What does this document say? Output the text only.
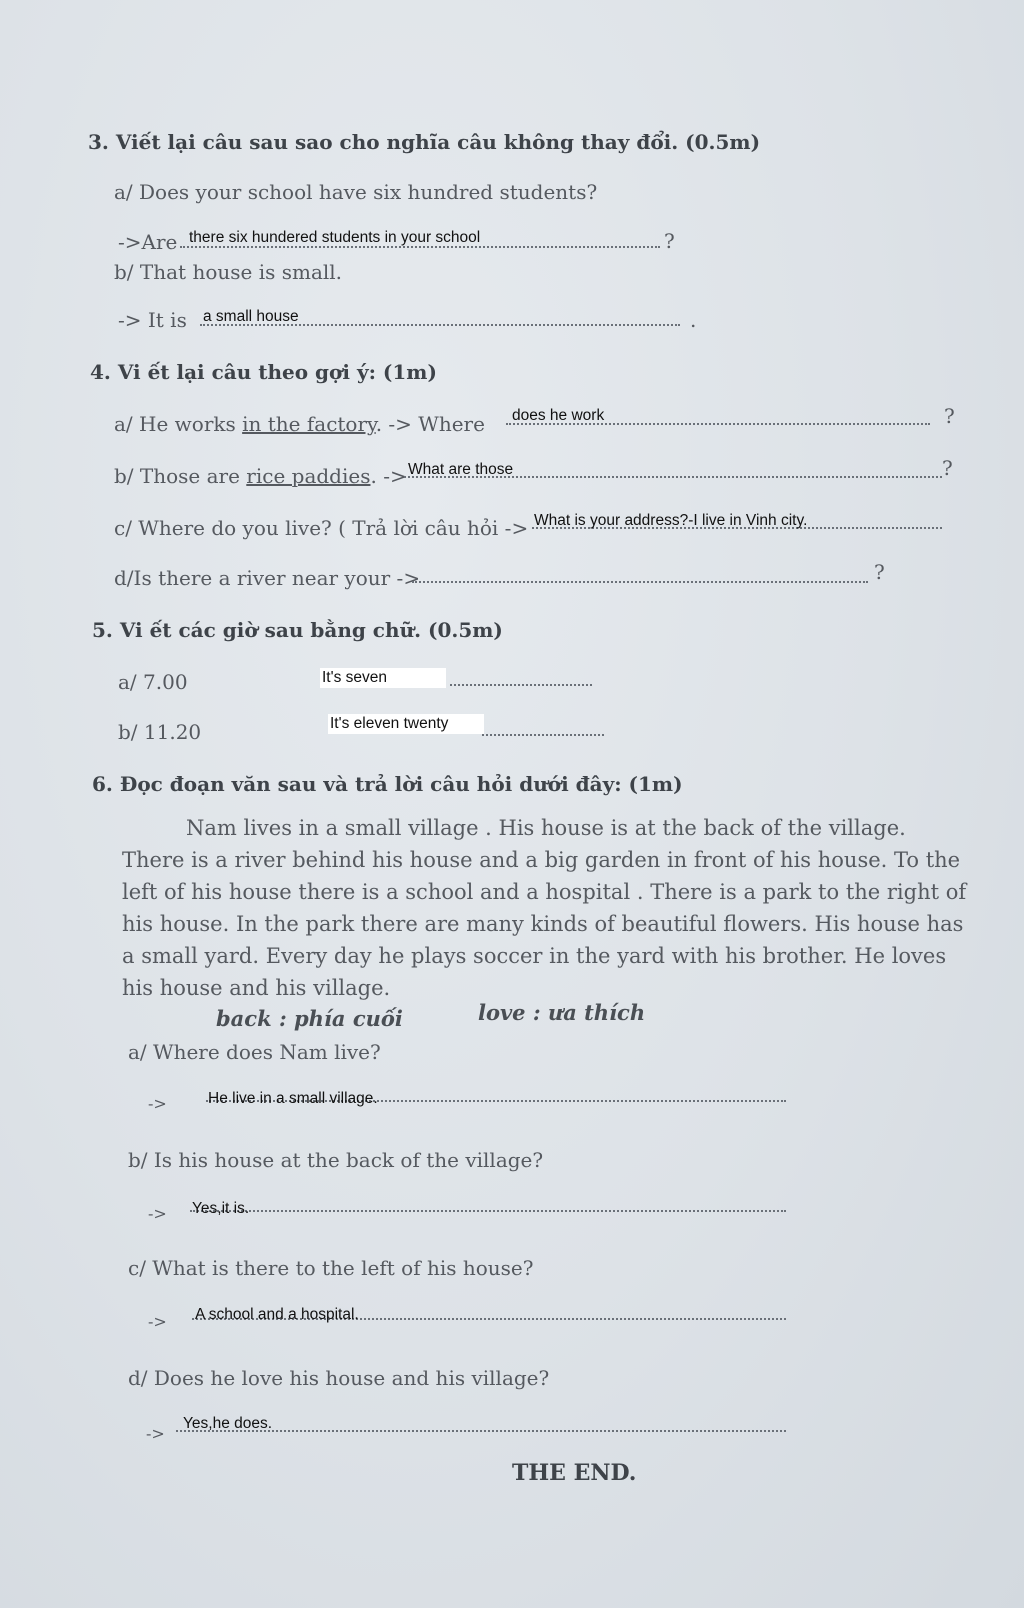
3. Viết lại câu sau sao cho nghĩa câu không thay đổi. (0.5m)
a/ Does your school have six hundred students?
->Are there six hundered students in your school	?
b/ That house is small.
-> It is a small house	.
4. Vi ết lại câu theo gợi ý: (1m)
a/ He works in the factory. -> Where does he work	?
b/ Those are rice paddies. -> What are those	?
c/ Where do you live? ( Trả lời câu hỏi -> What is your address?-I live in Vinh city.
d/Is there a river near your ->	?
5. Vi ết các giờ sau bằng chữ. (0.5m)
a/ 7.00	It's seven
b/ 11.20	It's eleven twenty
6. Đọc đoạn văn sau và trả lời câu hỏi dưới đây: (1m)

Nam lives in a small village . His house is at the back of the village. There is a river behind his house and a big garden in front of his house. To the left of his house there is a school and a hospital . There is a park to the right of his house. In the park there are many kinds of beautiful flowers. His house has a small yard. Every day he plays soccer in the yard with his brother. He loves his house and his village.

back : phía cuối	love : ưa thích
a/ Where does Nam live?
->	He live in a small village.
b/ Is his house at the back of the village?
-> Yes,it is.
c/ What is there to the left of his house?
-> A school and a hospital.
d/ Does he love his house and his village?
->
Yes,he does.
THE END.
